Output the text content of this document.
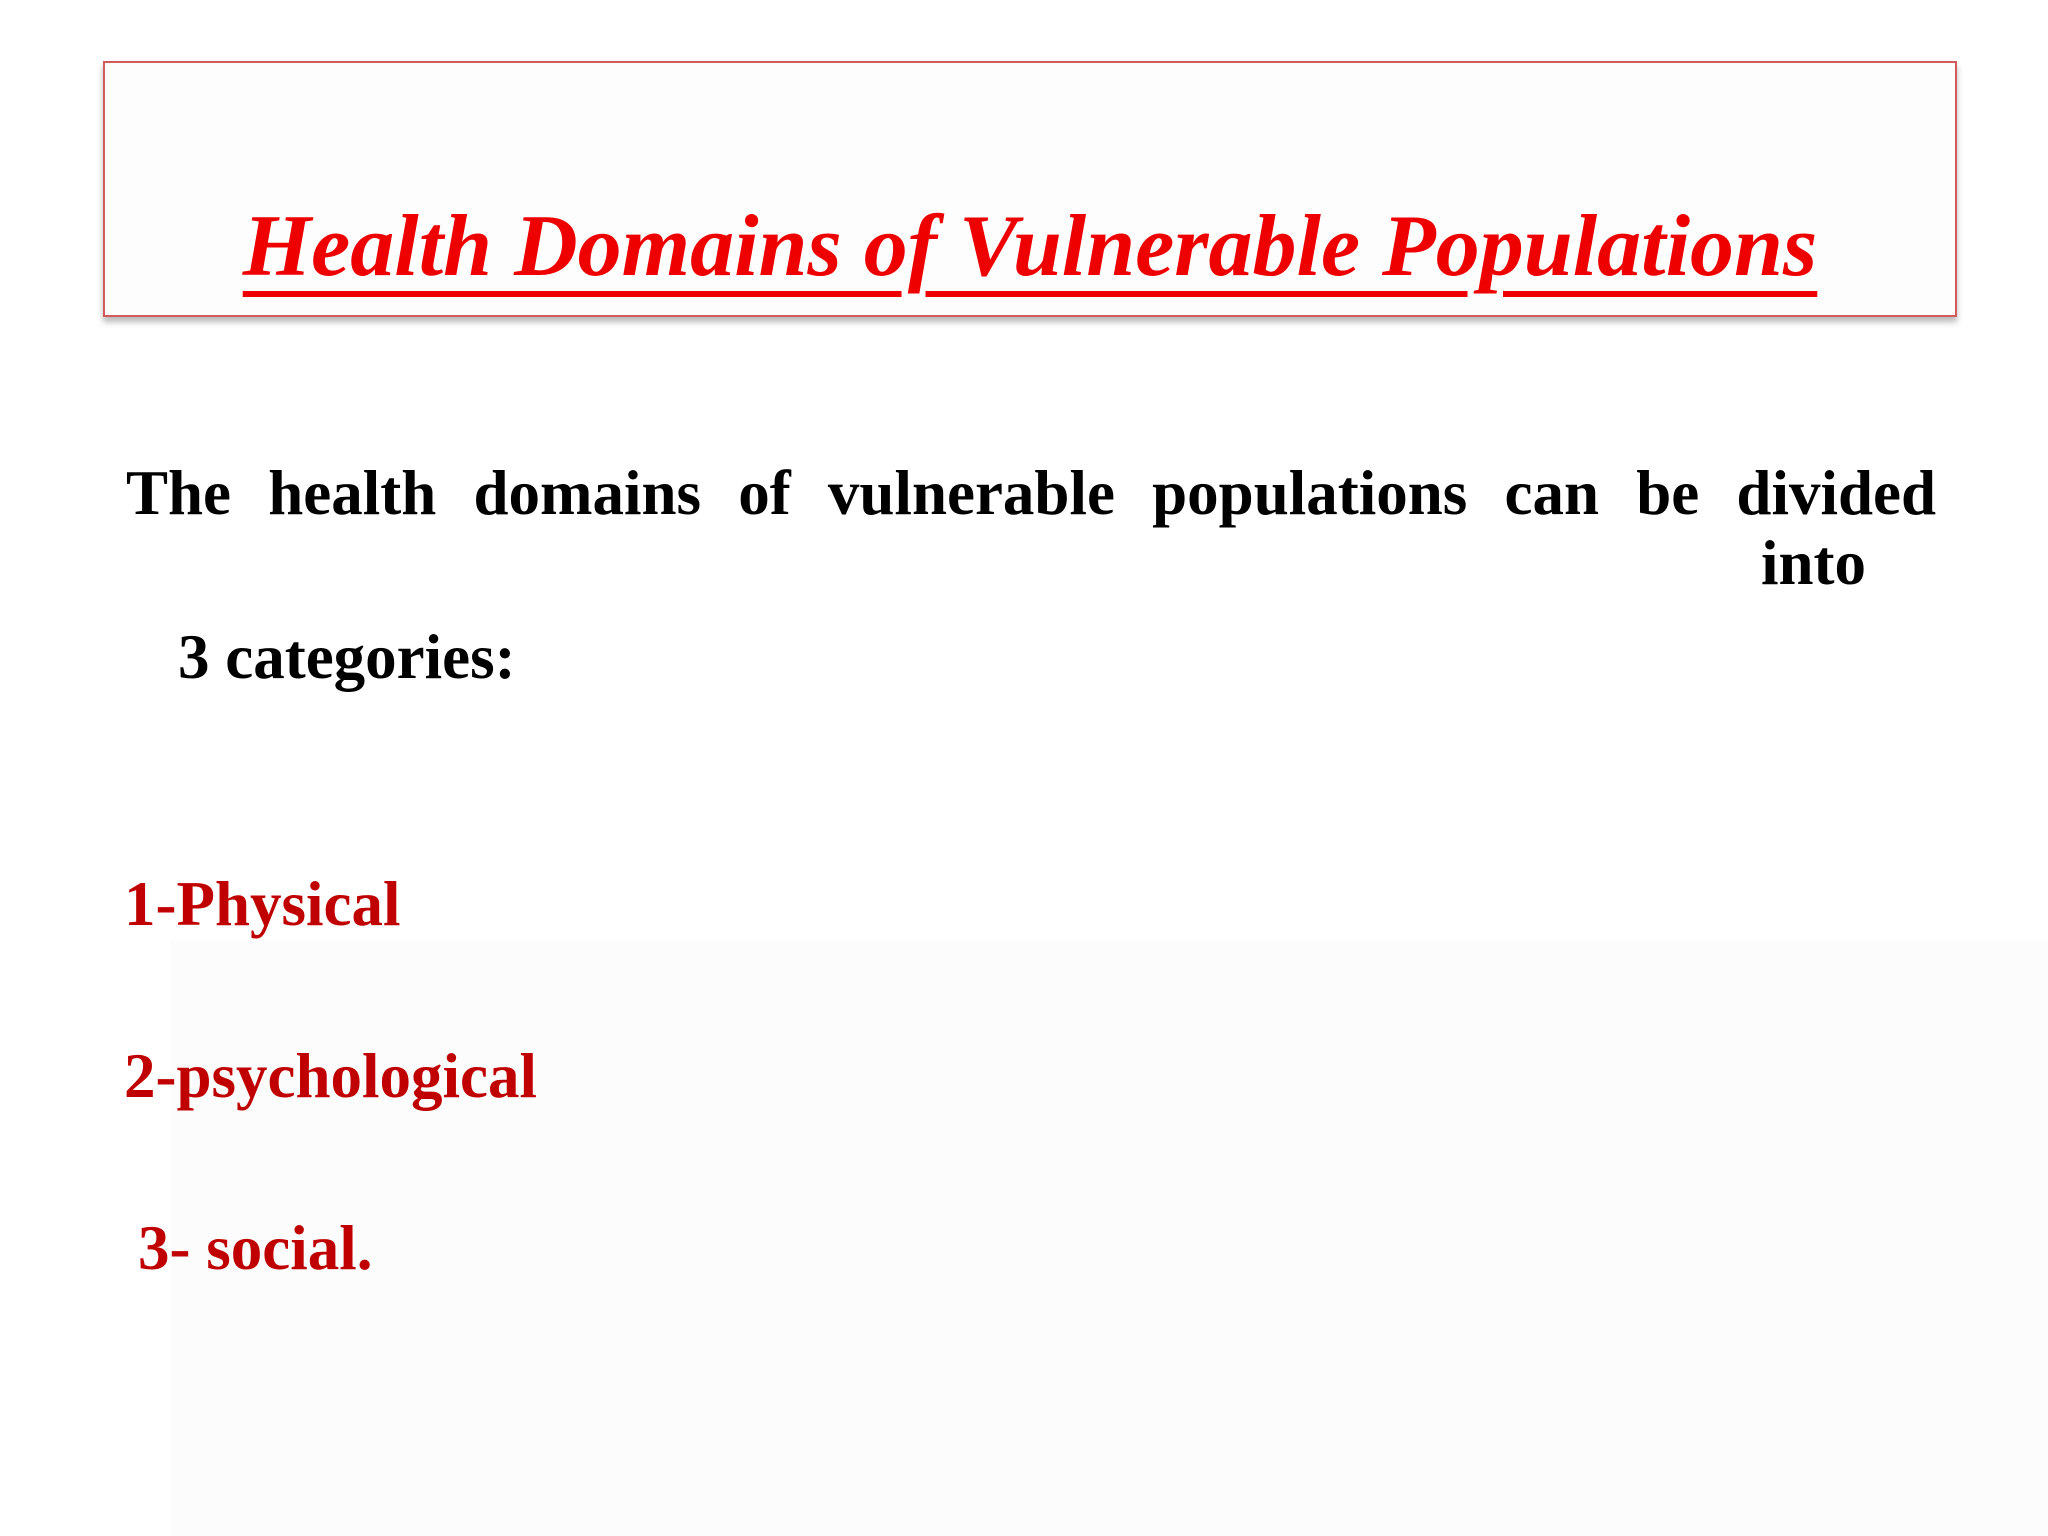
Health Domains of Vulnerable Populations
The health domains of vulnerable populations can be divided
into
3 categories:
1-Physical
2-psychological
3- social.
